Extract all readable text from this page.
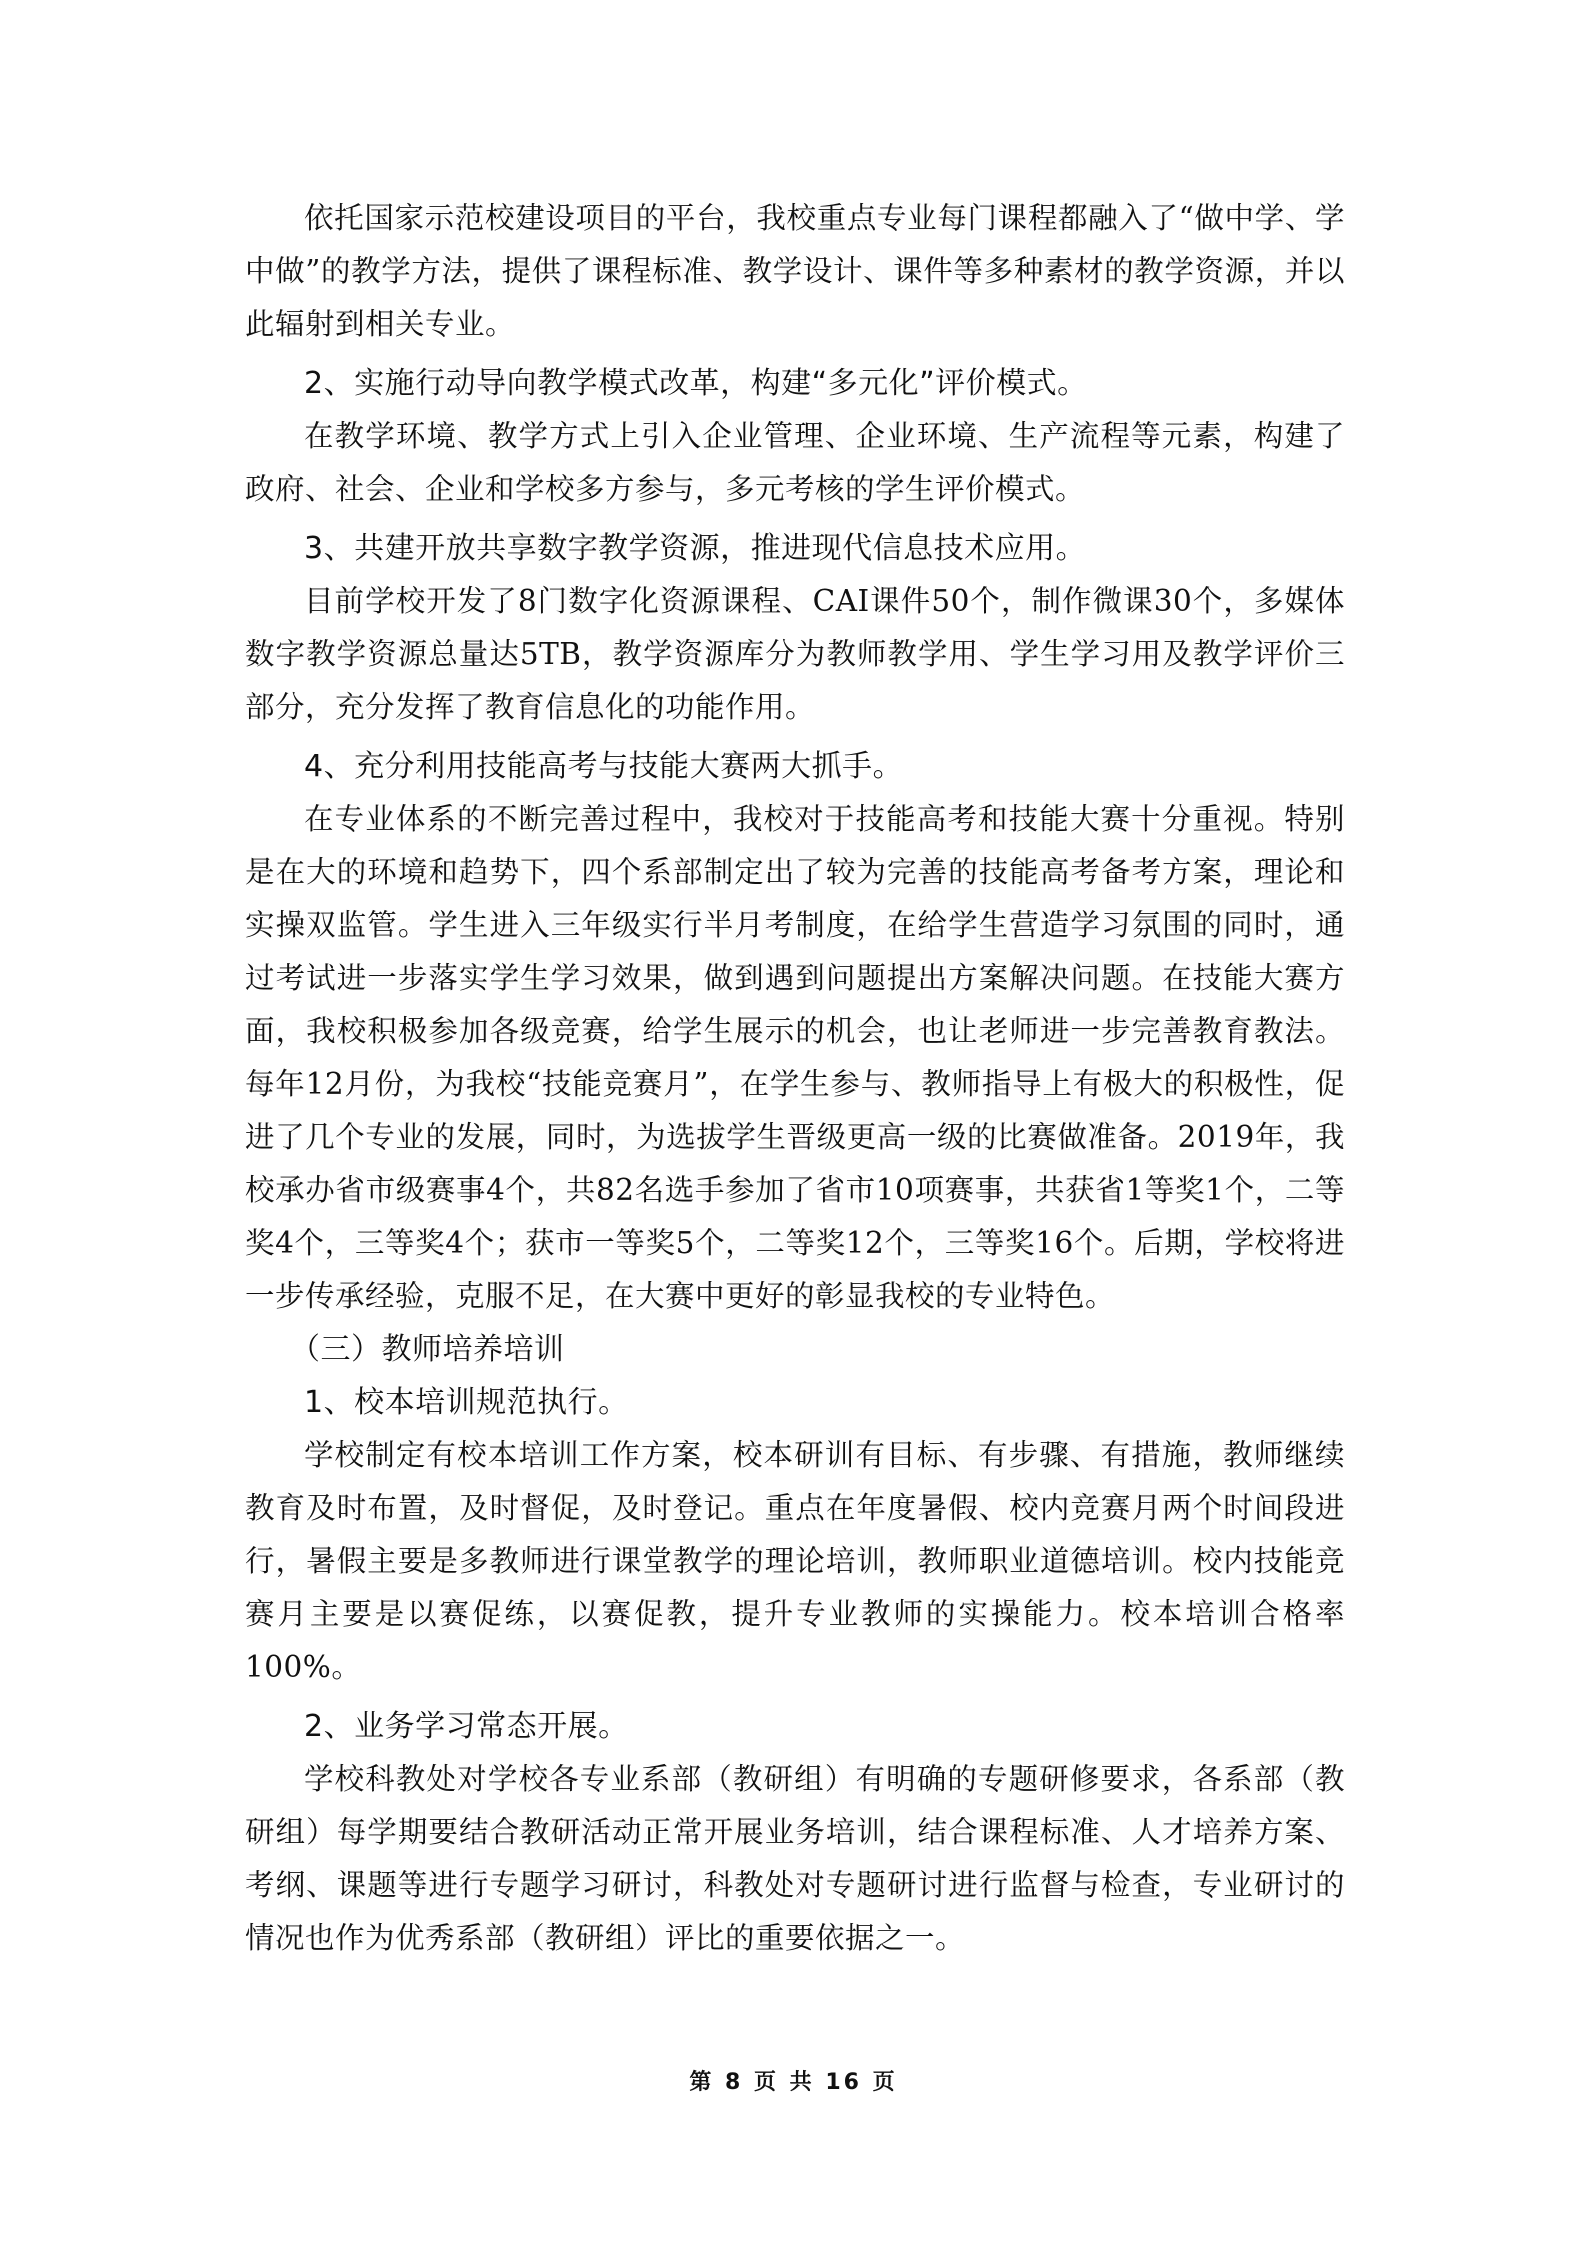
依托国家示范校建设项目的平台，我校重点专业每门课程都融入了“做中学、学中做”的教学方法，提供了课程标准、教学设计、课件等多种素材的教学资源，并以此辐射到相关专业。

2、实施行动导向教学模式改革，构建“多元化”评价模式。

在教学环境、教学方式上引入企业管理、企业环境、生产流程等元素，构建了政府、社会、企业和学校多方参与，多元考核的学生评价模式。

3、共建开放共享数字教学资源，推进现代信息技术应用。

目前学校开发了8门数字化资源课程、CAI课件50个，制作微课30个，多媒体数字教学资源总量达5TB，教学资源库分为教师教学用、学生学习用及教学评价三部分，充分发挥了教育信息化的功能作用。

4、充分利用技能高考与技能大赛两大抓手。

在专业体系的不断完善过程中，我校对于技能高考和技能大赛十分重视。特别是在大的环境和趋势下，四个系部制定出了较为完善的技能高考备考方案，理论和实操双监管。学生进入三年级实行半月考制度，在给学生营造学习氛围的同时，通过考试进一步落实学生学习效果，做到遇到问题提出方案解决问题。在技能大赛方面，我校积极参加各级竞赛，给学生展示的机会，也让老师进一步完善教育教法。每年12月份，为我校“技能竞赛月”，在学生参与、教师指导上有极大的积极性，促进了几个专业的发展，同时，为选拔学生晋级更高一级的比赛做准备。2019年，我校承办省市级赛事4个，共82名选手参加了省市10项赛事，共获省1等奖1个，二等奖4个，三等奖4个；获市一等奖5个，二等奖12个，三等奖16个。后期，学校将进一步传承经验，克服不足，在大赛中更好的彰显我校的专业特色。

（三）教师培养培训

1、校本培训规范执行。

学校制定有校本培训工作方案，校本研训有目标、有步骤、有措施，教师继续教育及时布置，及时督促，及时登记。重点在年度暑假、校内竞赛月两个时间段进行，暑假主要是多教师进行课堂教学的理论培训，教师职业道德培训。校内技能竞赛月主要是以赛促练，以赛促教，提升专业教师的实操能力。校本培训合格率100%。

2、业务学习常态开展。

学校科教处对学校各专业系部（教研组）有明确的专题研修要求，各系部（教研组）每学期要结合教研活动正常开展业务培训，结合课程标准、人才培养方案、考纲、课题等进行专题学习研讨，科教处对专题研讨进行监督与检查，专业研讨的情况也作为优秀系部（教研组）评比的重要依据之一。

第 8 页 共 16 页
